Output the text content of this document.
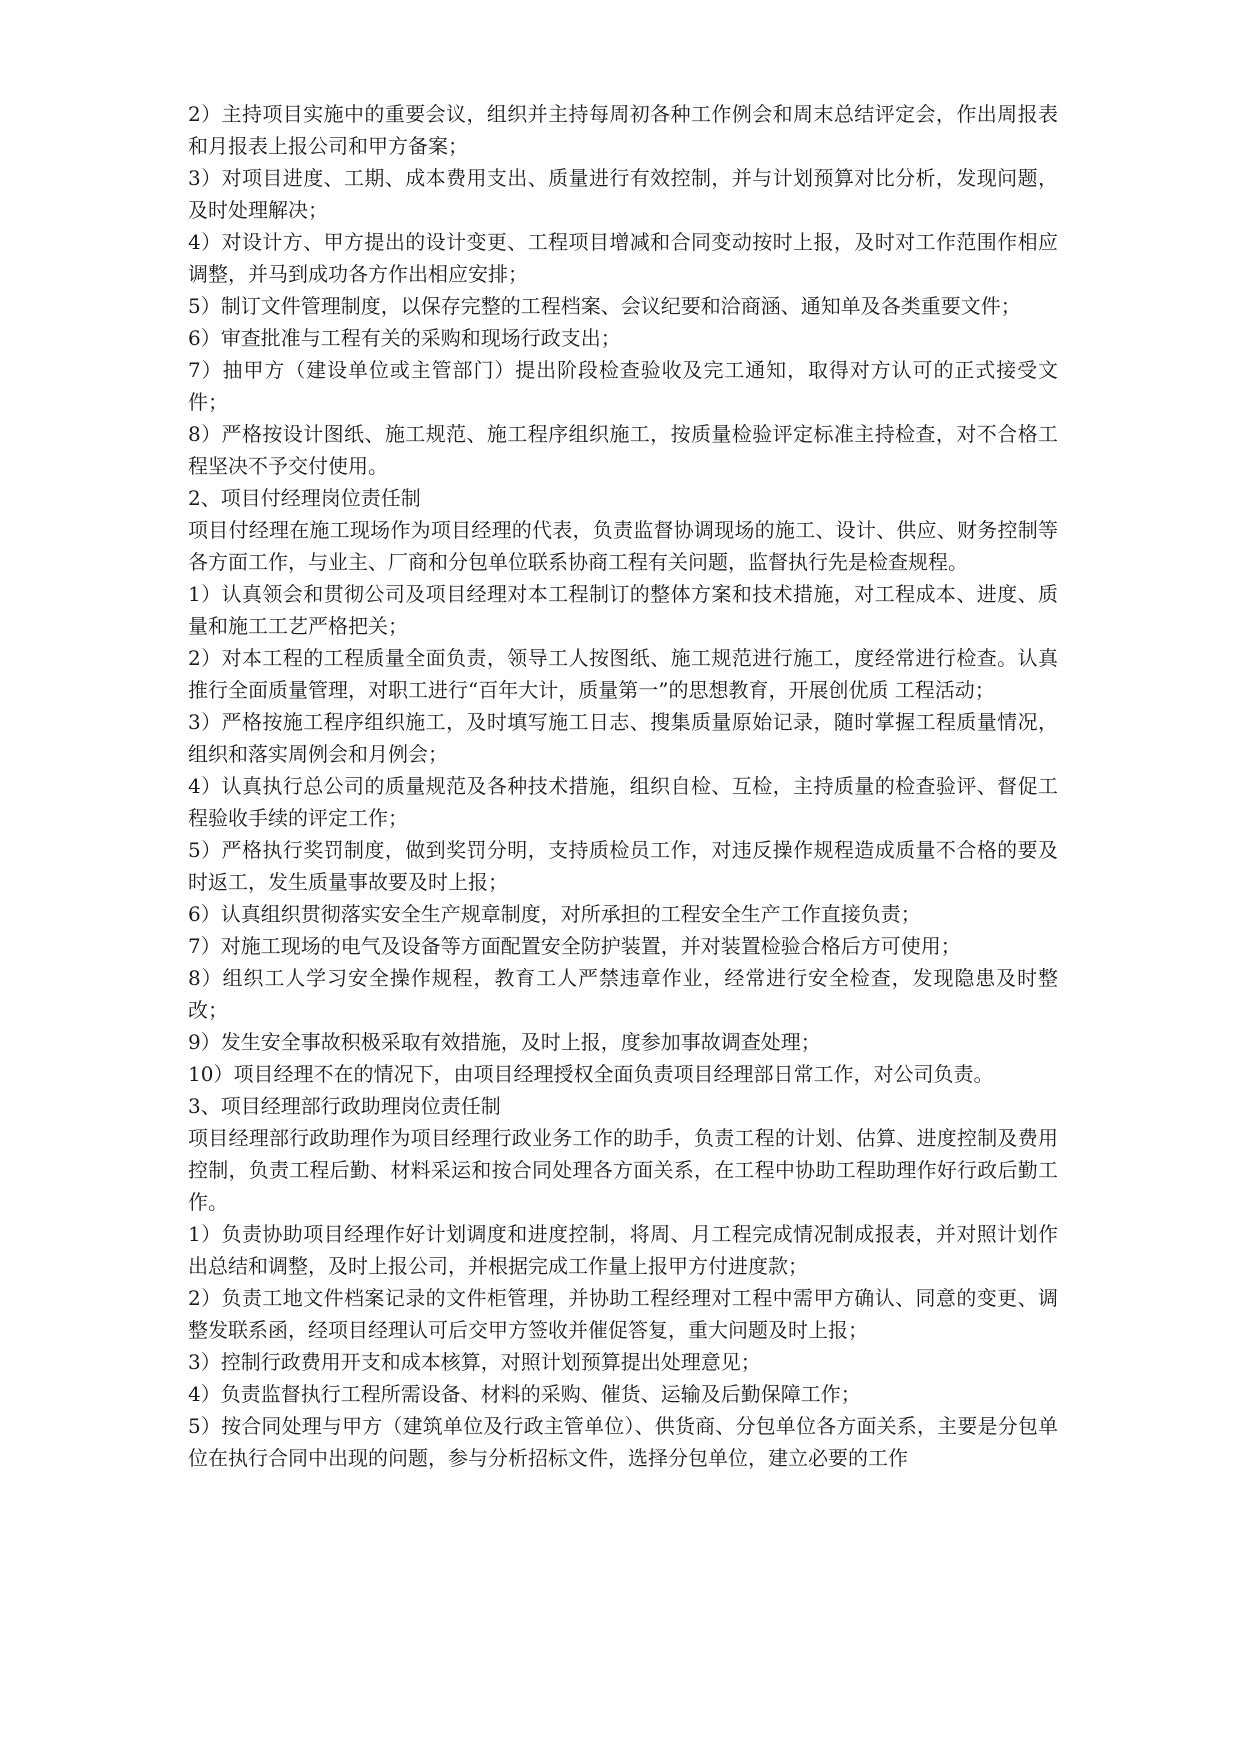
2）主持项目实施中的重要会议，组织并主持每周初各种工作例会和周末总结评定会，作出周报表和月报表上报公司和甲方备案；

3）对项目进度、工期、成本费用支出、质量进行有效控制，并与计划预算对比分析，发现问题，及时处理解决；

4）对设计方、甲方提出的设计变更、工程项目增减和合同变动按时上报，及时对工作范围作相应调整，并马到成功各方作出相应安排；

5）制订文件管理制度，以保存完整的工程档案、会议纪要和洽商涵、通知单及各类重要文件；

6）审查批准与工程有关的采购和现场行政支出；

7）抽甲方（建设单位或主管部门）提出阶段检查验收及完工通知，取得对方认可的正式接受文件；

8）严格按设计图纸、施工规范、施工程序组织施工，按质量检验评定标准主持检查，对不合格工程坚决不予交付使用。

2、项目付经理岗位责任制

项目付经理在施工现场作为项目经理的代表，负责监督协调现场的施工、设计、供应、财务控制等各方面工作，与业主、厂商和分包单位联系协商工程有关问题，监督执行先是检查规程。

1）认真领会和贯彻公司及项目经理对本工程制订的整体方案和技术措施，对工程成本、进度、质量和施工工艺严格把关；

2）对本工程的工程质量全面负责，领导工人按图纸、施工规范进行施工，度经常进行检查。认真推行全面质量管理，对职工进行“百年大计，质量第一”的思想教育，开展创优质 工程活动；

3）严格按施工程序组织施工，及时填写施工日志、搜集质量原始记录，随时掌握工程质量情况，组织和落实周例会和月例会；

4）认真执行总公司的质量规范及各种技术措施，组织自检、互检，主持质量的检查验评、督促工程验收手续的评定工作；

5）严格执行奖罚制度，做到奖罚分明，支持质检员工作，对违反操作规程造成质量不合格的要及时返工，发生质量事故要及时上报；

6）认真组织贯彻落实安全生产规章制度，对所承担的工程安全生产工作直接负责；

7）对施工现场的电气及设备等方面配置安全防护装置，并对装置检验合格后方可使用；

8）组织工人学习安全操作规程，教育工人严禁违章作业，经常进行安全检查，发现隐患及时整改；

9）发生安全事故积极采取有效措施，及时上报，度参加事故调查处理；

10）项目经理不在的情况下，由项目经理授权全面负责项目经理部日常工作，对公司负责。

3、项目经理部行政助理岗位责任制

项目经理部行政助理作为项目经理行政业务工作的助手，负责工程的计划、估算、进度控制及费用控制，负责工程后勤、材料采运和按合同处理各方面关系，在工程中协助工程助理作好行政后勤工作。

1）负责协助项目经理作好计划调度和进度控制，将周、月工程完成情况制成报表，并对照计划作出总结和调整，及时上报公司，并根据完成工作量上报甲方付进度款；

2）负责工地文件档案记录的文件柜管理，并协助工程经理对工程中需甲方确认、同意的变更、调整发联系函，经项目经理认可后交甲方签收并催促答复，重大问题及时上报；

3）控制行政费用开支和成本核算，对照计划预算提出处理意见；

4）负责监督执行工程所需设备、材料的采购、催货、运输及后勤保障工作；

5）按合同处理与甲方（建筑单位及行政主管单位）、供货商、分包单位各方面关系，主要是分包单位在执行合同中出现的问题，参与分析招标文件，选择分包单位，建立必要的工作
